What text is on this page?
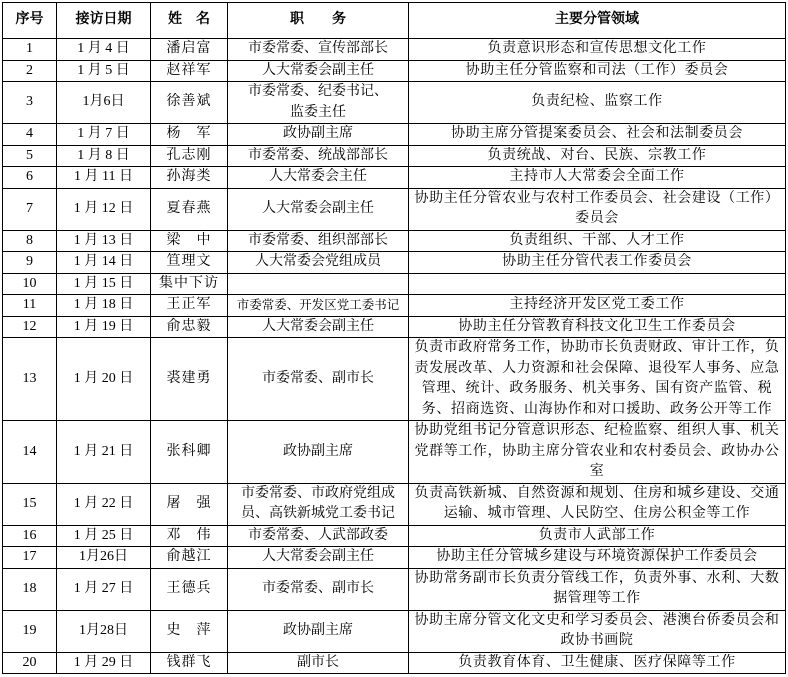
序号	接访日期	姓　名	职　　务	主要分管领域
1	1 月 4 日	潘启富	市委常委、宣传部部长	负责意识形态和宣传思想文化工作
2	1 月 5 日	赵祥军	人大常委会副主任	协助主任分管监察和司法（工作）委员会
3	1月6日	徐善斌	市委常委、纪委书记、监委主任	负责纪检、监察工作
4	1 月 7 日	杨　军	政协副主席	协助主席分管提案委员会、社会和法制委员会
5	1 月 8 日	孔志刚	市委常委、统战部部长	负责统战、对台、民族、宗教工作
6	1 月 11 日	孙海类	人大常委会主任	主持市人大常委会全面工作
7	1 月 12 日	夏春燕	人大常委会副主任	协助主任分管农业与农村工作委员会、社会建设（工作）委员会
8	1 月 13 日	梁　中	市委常委、组织部部长	负责组织、干部、人才工作
9	1 月 14 日	笪理文	人大常委会党组成员	协助主任分管代表工作委员会
10	1 月 15 日	集中下访		
11	1 月 18 日	王正军	市委常委、开发区党工委书记	主持经济开发区党工委工作
12	1 月 19 日	俞忠毅	人大常委会副主任	协助主任分管教育科技文化卫生工作委员会
13	1 月 20 日	裘建勇	市委常委、副市长	负责市政府常务工作，协助市长负责财政、审计工作，负责发展改革、人力资源和社会保障、退役军人事务、应急管理、统计、政务服务、机关事务、国有资产监管、税务、招商选资、山海协作和对口援助、政务公开等工作
14	1 月 21 日	张科卿	政协副主席	协助党组书记分管意识形态、纪检监察、组织人事、机关党群等工作，协助主席分管农业和农村委员会、政协办公室
15	1 月 22 日	屠　强	市委常委、市政府党组成员、高铁新城党工委书记	负责高铁新城、自然资源和规划、住房和城乡建设、交通运输、城市管理、人民防空、住房公积金等工作
16	1 月 25 日	邓　伟	市委常委、人武部政委	负责市人武部工作
17	1月26日	俞越江	人大常委会副主任	协助主任分管城乡建设与环境资源保护工作委员会
18	1 月 27 日	王德兵	市委常委、副市长	协助常务副市长负责分管线工作，负责外事、水利、大数据管理等工作
19	1月28日	史　萍	政协副主席	协助主席分管文化文史和学习委员会、港澳台侨委员会和政协书画院
20	1 月 29 日	钱群飞	副市长	负责教育体育、卫生健康、医疗保障等工作
